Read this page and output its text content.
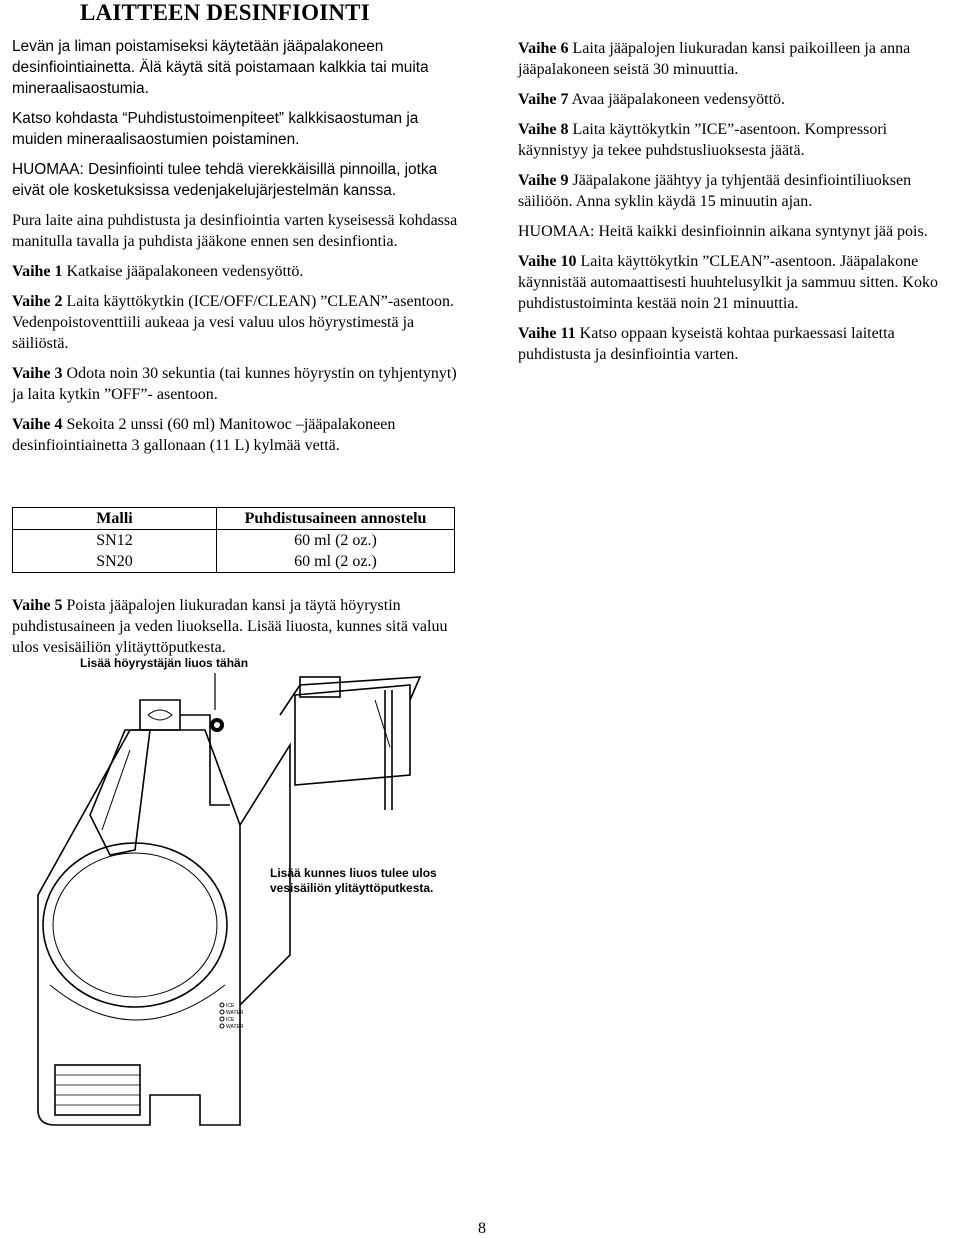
LAITTEEN DESINFIOINTI

Levän ja liman poistamiseksi käytetään jääpalakoneen desinfiointiainetta. Älä käytä sitä poistamaan kalkkia tai muita mineraalisaostumia.

Katso kohdasta “Puhdistustoimenpiteet” kalkkisaostuman ja muiden mineraalisaostumien poistaminen.

HUOMAA: Desinfiointi tulee tehdä vierekkäisillä pinnoilla, jotka eivät ole kosketuksissa vedenjakelujärjestelmän kanssa.

Pura laite aina puhdistusta ja desinfiointia varten kyseisessä kohdassa manitulla tavalla ja puhdista jääkone ennen sen desinfiontia.

Vaihe 1 Katkaise jääpalakoneen vedensyöttö.

Vaihe 2 Laita käyttökytkin (ICE/OFF/CLEAN) ”CLEAN”-asentoon. Vedenpoistoventtiili aukeaa ja vesi valuu ulos höyrystimestä ja säiliöstä.

Vaihe 3 Odota noin 30 sekuntia (tai kunnes höyrystin on tyhjentynyt) ja laita kytkin ”OFF”- asentoon.

Vaihe 4 Sekoita 2 unssi (60 ml) Manitowoc –jääpalakoneen desinfiointiainetta 3 gallonaan (11 L) kylmää vettä.

Malli	Puhdistusaineen annostelu
SN12	60 ml (2 oz.)
SN20	60 ml (2 oz.)

Vaihe 5 Poista jääpalojen liukuradan kansi ja täytä höyrystin puhdistusaineen ja veden liuoksella. Lisää liuosta, kunnes sitä valuu ulos vesisäiliön ylitäyttöputkesta.

Lisää höyrystäjän liuos tähän
Lisää kunnes liuos tulee ulos
vesisäiliön ylitäyttöputkesta.
ICE
WATER
ICE
WATER

Vaihe 6 Laita jääpalojen liukuradan kansi paikoilleen ja anna jääpalakoneen seistä 30 minuuttia.

Vaihe 7 Avaa jääpalakoneen vedensyöttö.

Vaihe 8 Laita käyttökytkin ”ICE”-asentoon. Kompressori käynnistyy ja tekee puhdstusliuoksesta jäätä.

Vaihe 9 Jääpalakone jäähtyy ja tyhjentää desinfiointiliuoksen säiliöön. Anna syklin käydä 15 minuutin ajan.

HUOMAA: Heitä kaikki desinfioinnin aikana syntynyt jää pois.

Vaihe 10 Laita käyttökytkin ”CLEAN”-asentoon. Jääpalakone käynnistää automaattisesti huuhtelusylkit ja sammuu sitten. Koko puhdistustoiminta kestää noin 21 minuuttia.

Vaihe 11 Katso oppaan kyseistä kohtaa purkaessasi laitetta puhdistusta ja desinfiointia varten.

8
